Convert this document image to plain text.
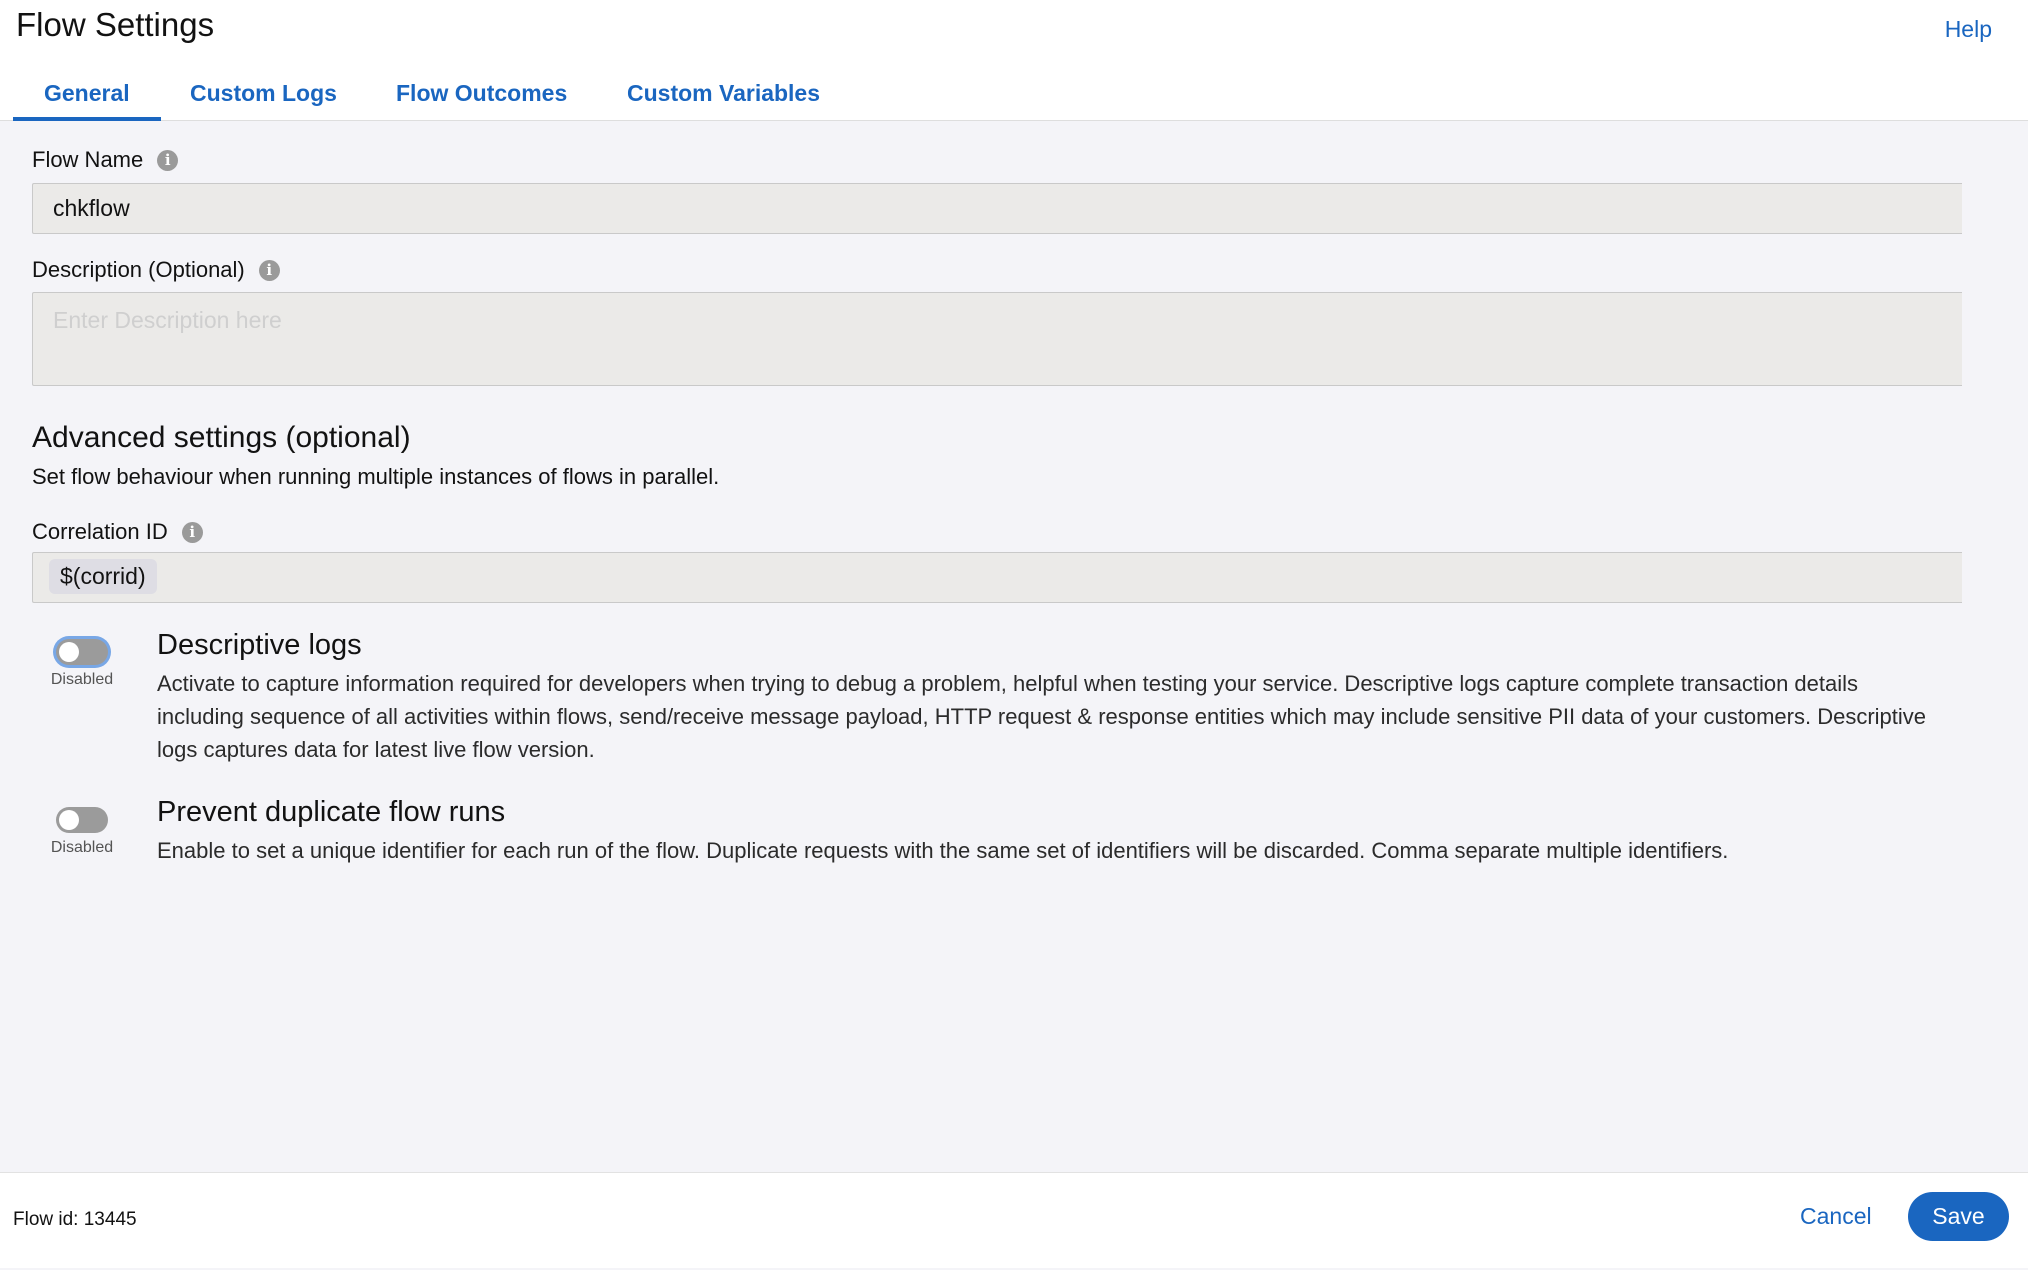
Flow Settings	Help
General	Custom Logs	Flow Outcomes	Custom Variables
Flow Name	i
chkflow
Description (Optional)	i
Enter Description here
Advanced settings (optional)

Set flow behaviour when running multiple instances of flows in parallel.

Correlation ID	i
$(corrid)
Disabled
Descriptive logs

Activate to capture information required for developers when trying to debug a problem, helpful when testing your service. Descriptive logs capture complete transaction details including sequence of all activities within flows, send/receive message payload, HTTP request & response entities which may include sensitive PII data of your customers. Descriptive logs captures data for latest live flow version.

Disabled
Prevent duplicate flow runs

Enable to set a unique identifier for each run of the flow. Duplicate requests with the same set of identifiers will be discarded. Comma separate multiple identifiers.

Flow id: 13445	Cancel	Save
